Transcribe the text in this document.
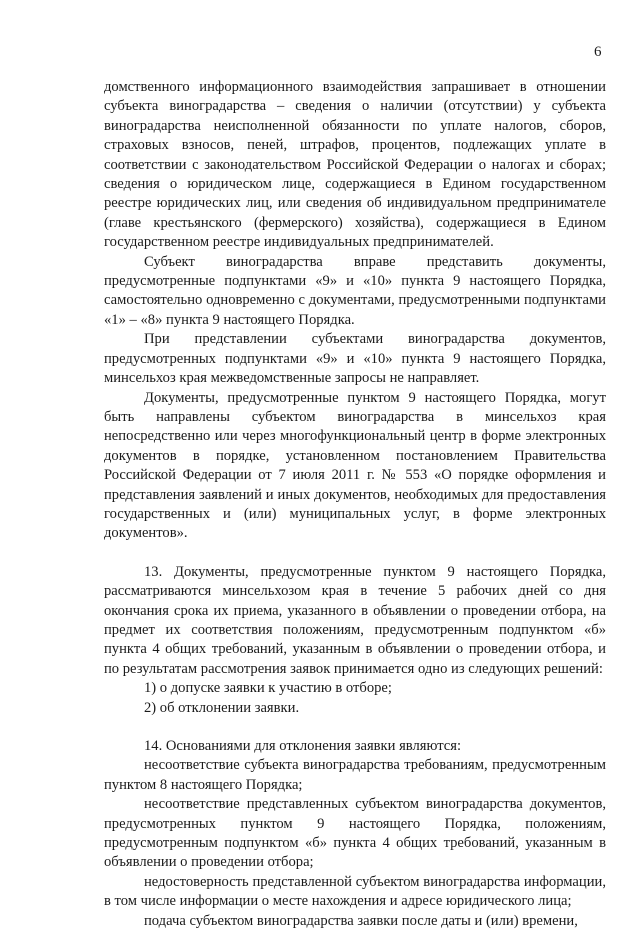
6

домственного информационного взаимодействия запрашивает в отношении субъекта виноградарства – сведения о наличии (отсутствии) у субъекта виноградарства неисполненной обязанности по уплате налогов, сборов, страховых взносов, пеней, штрафов, процентов, подлежащих уплате в соответствии с законодательством Российской Федерации о налогах и сборах; сведения о юридическом лице, содержащиеся в Едином государственном реестре юридических лиц, или сведения об индивидуальном предпринимателе (главе крестьянского (фермерского) хозяйства), содержащиеся в Едином государственном реестре индивидуальных предпринимателей.

Субъект виноградарства вправе представить документы, предусмотренные подпунктами «9» и «10» пункта 9 настоящего Порядка, самостоятельно одновременно с документами, предусмотренными подпунктами «1» – «8» пункта 9 настоящего Порядка.

При представлении субъектами виноградарства документов, предусмотренных подпунктами «9» и «10» пункта 9 настоящего Порядка, минсельхоз края межведомственные запросы не направляет.

Документы, предусмотренные пунктом 9 настоящего Порядка, могут быть направлены субъектом виноградарства в минсельхоз края непосредственно или через многофункциональный центр в форме электронных документов в порядке, установленном постановлением Правительства Российской Федерации от 7 июля 2011 г. № 553 «О порядке оформления и представления заявлений и иных документов, необходимых для предоставления государственных и (или) муниципальных услуг, в форме электронных документов».

13. Документы, предусмотренные пунктом 9 настоящего Порядка, рассматриваются минсельхозом края в течение 5 рабочих дней со дня окончания срока их приема, указанного в объявлении о проведении отбора, на предмет их соответствия положениям, предусмотренным подпунктом «б» пункта 4 общих требований, указанным в объявлении о проведении отбора, и по результатам рассмотрения заявок принимается одно из следующих решений:

1) о допуске заявки к участию в отборе;

2) об отклонении заявки.

14. Основаниями для отклонения заявки являются:

несоответствие субъекта виноградарства требованиям, предусмотренным пунктом 8 настоящего Порядка;

несоответствие представленных субъектом виноградарства документов, предусмотренных пунктом 9 настоящего Порядка, положениям, предусмотренным подпунктом «б» пункта 4 общих требований, указанным в объявлении о проведении отбора;

недостоверность представленной субъектом виноградарства информации, в том числе информации о месте нахождения и адресе юридического лица;

подача субъектом виноградарства заявки после даты и (или) времени,
